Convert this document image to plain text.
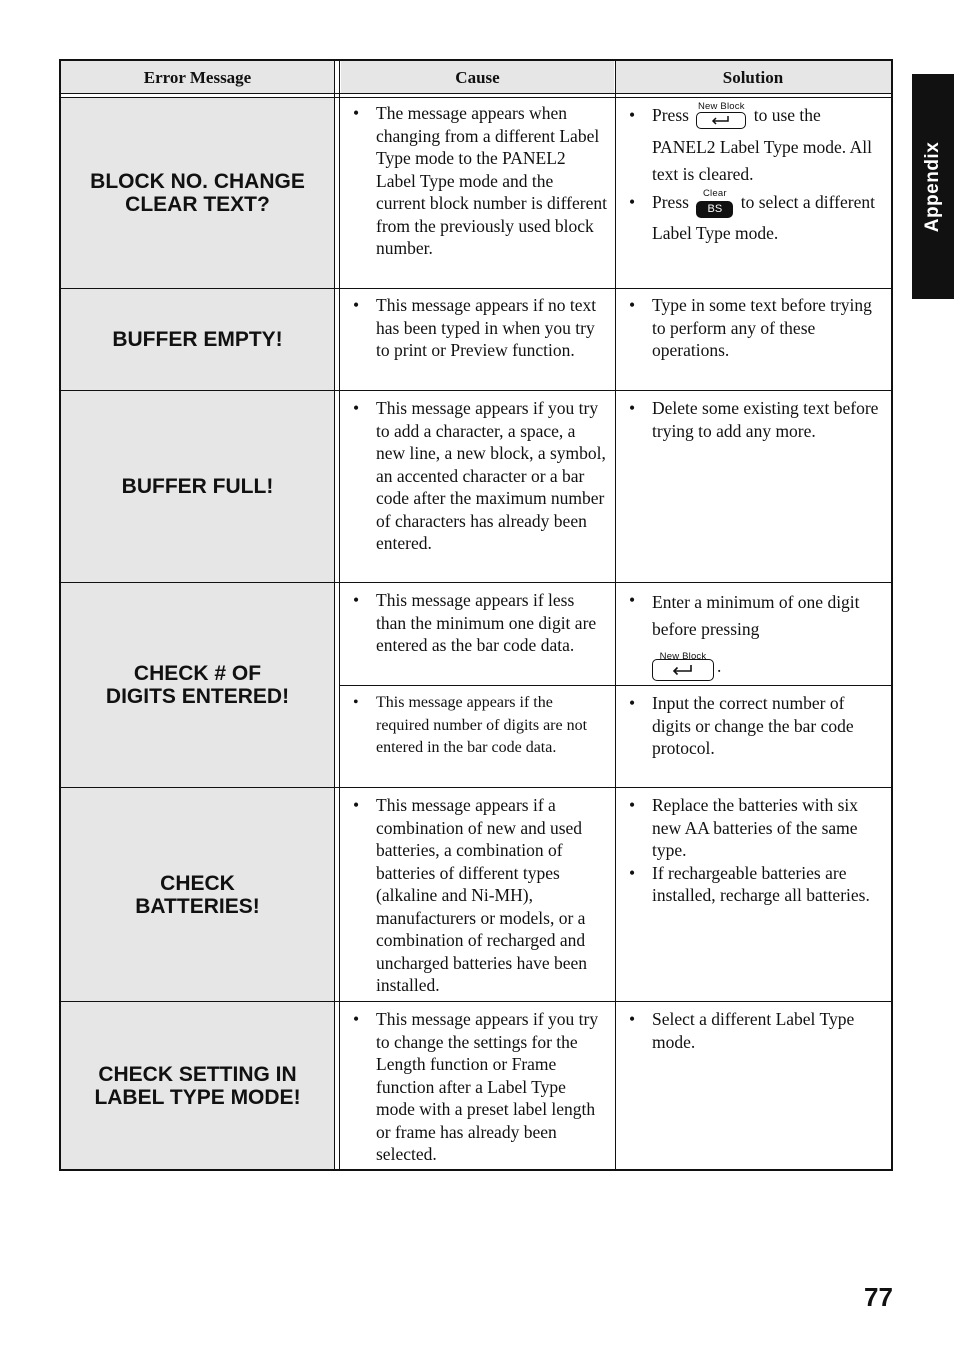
Appendix
Error Message	Cause	Solution
BLOCK NO. CHANGE
CLEAR TEXT?
BUFFER EMPTY!
BUFFER FULL!
CHECK # OF
DIGITS ENTERED!
CHECK
BATTERIES!
CHECK SETTING IN
LABEL TYPE MODE!
• The message appears when changing from a different Label Type mode to the PANEL2 Label Type mode and the current block number is different from the previously used block number.
• Press New Block to use the PANEL2 Label Type mode. All text is cleared.
• Press Clear
BS to select a different Label Type mode.
• This message appears if no text has been typed in when you try to print or Preview function.
• Type in some text before trying to perform any of these operations.
• This message appears if you try to add a character, a space, a new line, a new block, a symbol, an accented character or a bar code after the maximum number of characters has already been entered.
• Delete some existing text before trying to add any more.
• This message appears if less than the minimum one digit are entered as the bar code data.
• Enter a minimum of one digit before pressing
New Block .
• This message appears if the required number of digits are not entered in the bar code data.
• Input the correct number of digits or change the bar code protocol.
• This message appears if a combination of new and used batteries, a combination of batteries of different types (alkaline and Ni-MH), manufacturers or models, or a combination of recharged and uncharged batteries have been installed.
• Replace the batteries with six new AA batteries of the same type.
• If rechargeable batteries are installed, recharge all batteries.
• This message appears if you try to change the settings for the Length function or Frame function after a Label Type mode with a preset label length or frame has already been selected.
• Select a different Label Type mode.
77
